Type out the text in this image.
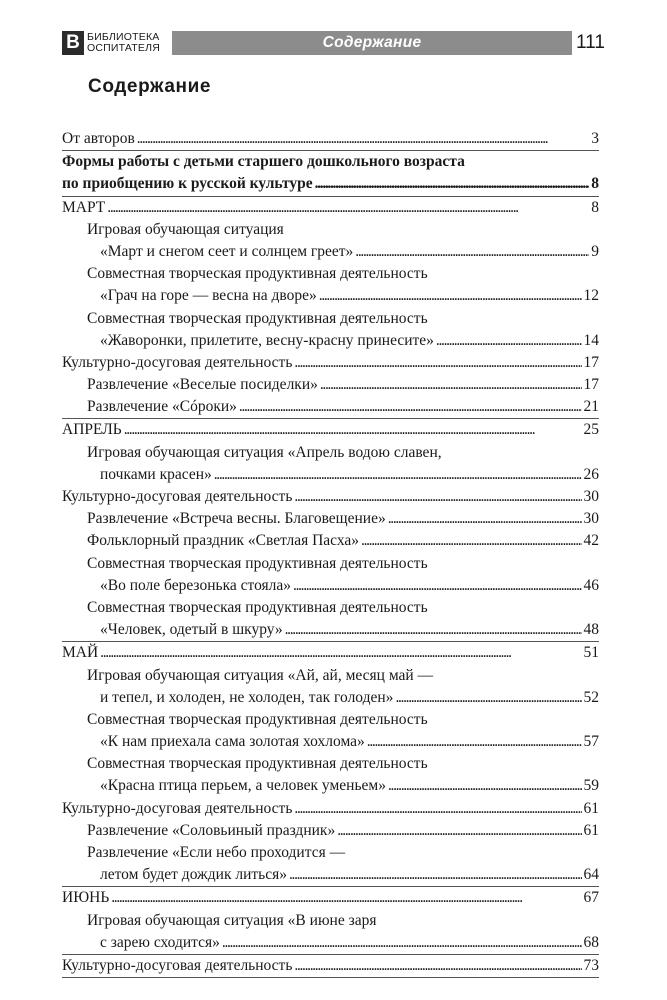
B БИБЛИОТЕКА
ОСПИТАТЕЛЯ	Содержание	111
Содержание
От авторов . . .	3
Формы работы с детьми старшего дошкольного возраста
по приобщению к русской культуре . . .	8
МАРТ . . .	8
Игровая обучающая ситуация
«Март и снегом сеет и солнцем греет» . . .	9
Совместная творческая продуктивная деятельность
«Грач на горе — весна на дворе» . . .	12
Совместная творческая продуктивная деятельность
«Жаворонки, прилетите, весну-красну принесите» . . .	14
Культурно-досуговая деятельность . . .	17
Развлечение «Веселые посиделки» . . .	17
Развлечение «Сóроки» . . .	21
АПРЕЛЬ . . .	25
Игровая обучающая ситуация «Апрель водою славен,
почками красен» . . .	26
Культурно-досуговая деятельность . . .	30
Развлечение «Встреча весны. Благовещение» . . .	30
Фольклорный праздник «Светлая Пасха» . . .	42
Совместная творческая продуктивная деятельность
«Во поле березонька стояла» . . .	46
Совместная творческая продуктивная деятельность
«Человек, одетый в шкуру» . . .	48
МАЙ . . .	51
Игровая обучающая ситуация «Ай, ай, месяц май —
и тепел, и холоден, не холоден, так голоден» . . .	52
Совместная творческая продуктивная деятельность
«К нам приехала сама золотая хохлома» . . .	57
Совместная творческая продуктивная деятельность
«Красна птица перьем, а человек уменьем» . . .	59
Культурно-досуговая деятельность . . .	61
Развлечение «Соловьиный праздник» . . .	61
Развлечение «Если небо проходится —
летом будет дождик литься» . . .	64
ИЮНЬ . . .	67
Игровая обучающая ситуация «В июне заря
с зарею сходится» . . .	68
Культурно-досуговая деятельность . . .	73
